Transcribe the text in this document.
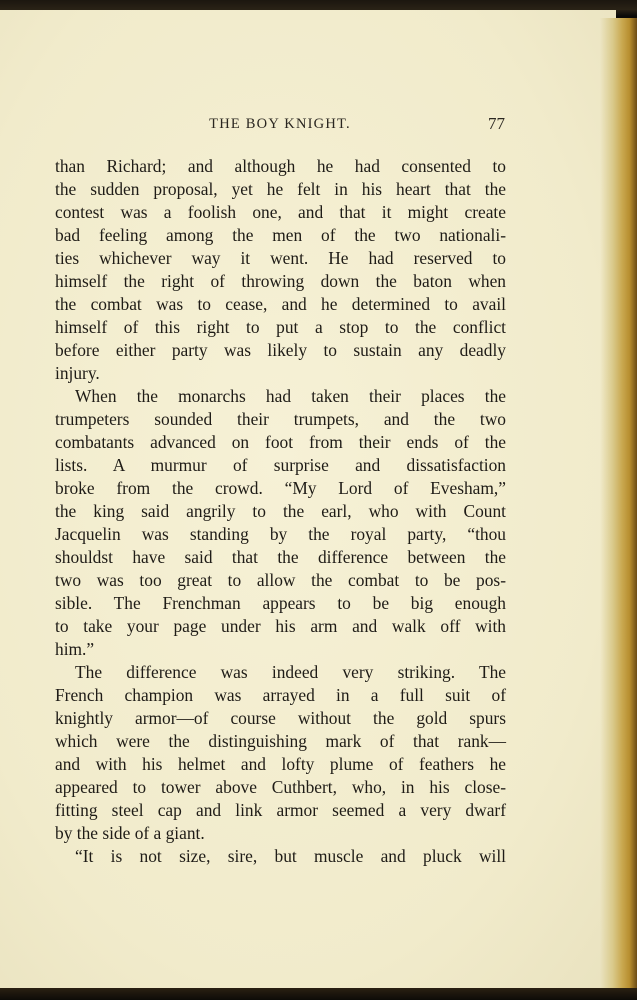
THE BOY KNIGHT.	77
than Richard; and although he had consented to
the sudden proposal, yet he felt in his heart that the
contest was a foolish one, and that it might create
bad feeling among the men of the two nationali-
ties whichever way it went. He had reserved to
himself the right of throwing down the baton when
the combat was to cease, and he determined to avail
himself of this right to put a stop to the conflict
before either party was likely to sustain any deadly
injury.
When the monarchs had taken their places the
trumpeters sounded their trumpets, and the two
combatants advanced on foot from their ends of the
lists. A murmur of surprise and dissatisfaction
broke from the crowd. “My Lord of Evesham,”
the king said angrily to the earl, who with Count
Jacquelin was standing by the royal party, “thou
shouldst have said that the difference between the
two was too great to allow the combat to be pos-
sible. The Frenchman appears to be big enough
to take your page under his arm and walk off with
him.”
The difference was indeed very striking. The
French champion was arrayed in a full suit of
knightly armor—of course without the gold spurs
which were the distinguishing mark of that rank—
and with his helmet and lofty plume of feathers he
appeared to tower above Cuthbert, who, in his close-
fitting steel cap and link armor seemed a very dwarf
by the side of a giant.
“It is not size, sire, but muscle and pluck will
